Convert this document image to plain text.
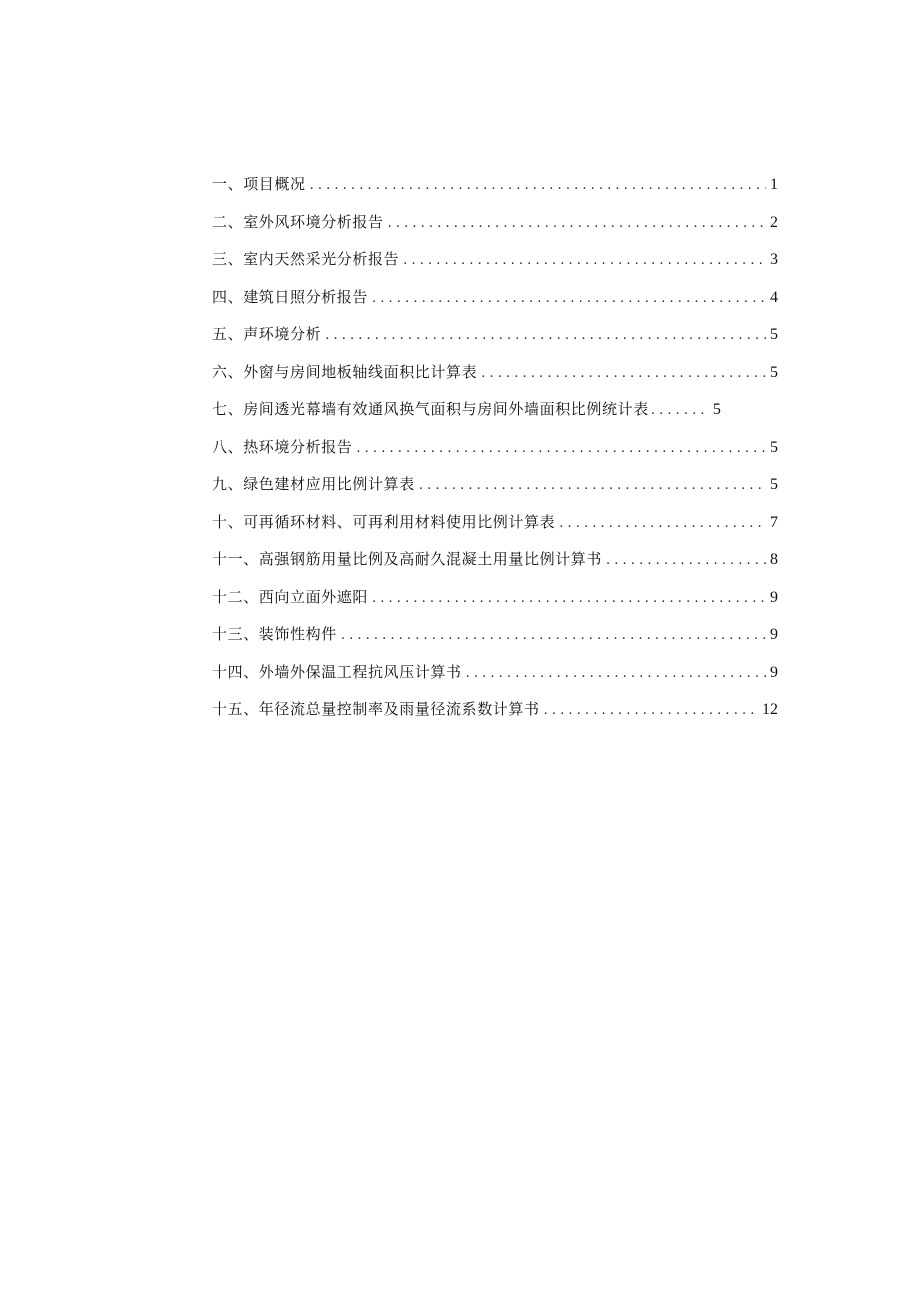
一、项目概况 . . .	1
二、室外风环境分析报告 . . .	2
三、室内天然采光分析报告 . . .	3
四、建筑日照分析报告 . . .	4
五、声环境分析 . . .	5
六、外窗与房间地板轴线面积比计算表 . . .	5
七、房间透光幕墙有效通风换气面积与房间外墙面积比例统计表 . . .	5
八、热环境分析报告 . . .	5
九、绿色建材应用比例计算表 . . .	5
十、可再循环材料、可再利用材料使用比例计算表 . . .	7
十一、高强钢筋用量比例及高耐久混凝土用量比例计算书 . . .	8
十二、西向立面外遮阳 . . .	9
十三、装饰性构件 . . .	9
十四、外墙外保温工程抗风压计算书 . . .	9
十五、年径流总量控制率及雨量径流系数计算书 . . .	12
